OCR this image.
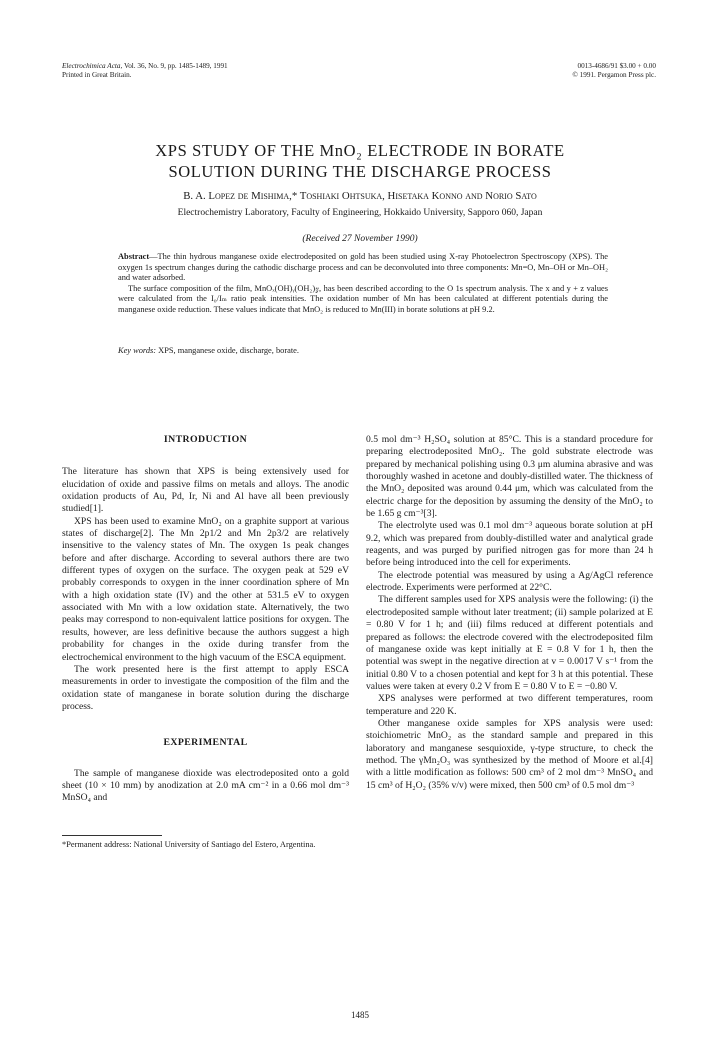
Electrochimica Acta, Vol. 36, No. 9, pp. 1485-1489, 1991
Printed in Great Britain.
0013-4686/91 $3.00 + 0.00
© 1991. Pergamon Press plc.
XPS STUDY OF THE MnO₂ ELECTRODE IN BORATE
SOLUTION DURING THE DISCHARGE PROCESS
B. A. Lopez de Mishima,* Toshiaki Ohtsuka, Hisetaka Konno and Norio Sato
Electrochemistry Laboratory, Faculty of Engineering, Hokkaido University, Sapporo 060, Japan
(Received 27 November 1990)
Abstract—The thin hydrous manganese oxide electrodeposited on gold has been studied using X-ray Photoelectron Spectroscopy (XPS). The oxygen 1s spectrum changes during the cathodic discharge process and can be deconvoluted into three components: Mn=O, Mn–OH or Mn–OH₂ and water adsorbed.
The surface composition of the film, MnOₓ(OH)ᵧ(OH₂)𝓏, has been described according to the O 1s spectrum analysis. The x and y + z values were calculated from the I₀/Iₘ ratio peak intensities. The oxidation number of Mn has been calculated at different potentials during the manganese oxide reduction. These values indicate that MnO₂ is reduced to Mn(III) in borate solutions at pH 9.2.
Key words: XPS, manganese oxide, discharge, borate.
INTRODUCTION

The literature has shown that XPS is being extensively used for elucidation of oxide and passive films on metals and alloys. The anodic oxidation products of Au, Pd, Ir, Ni and Al have all been previously studied[1].

XPS has been used to examine MnO₂ on a graphite support at various states of discharge[2]. The Mn 2p1/2 and Mn 2p3/2 are relatively insensitive to the valency states of Mn. The oxygen 1s peak changes before and after discharge. According to several authors there are two different types of oxygen on the surface. The oxygen peak at 529 eV probably corresponds to oxygen in the inner coordination sphere of Mn with a high oxidation state (IV) and the other at 531.5 eV to oxygen associated with Mn with a low oxidation state. Alternatively, the two peaks may correspond to non-equivalent lattice positions for oxygen. The results, however, are less definitive because the authors suggest a high probability for changes in the oxide during transfer from the electrochemical environment to the high vacuum of the ESCA equipment.

The work presented here is the first attempt to apply ESCA measurements in order to investigate the composition of the film and the oxidation state of manganese in borate solution during the discharge process.

EXPERIMENTAL

The sample of manganese dioxide was electrodeposited onto a gold sheet (10 × 10 mm) by anodization at 2.0 mA cm⁻² in a 0.66 mol dm⁻³ MnSO₄ and

*Permanent address: National University of Santiago del Estero, Argentina.

0.5 mol dm⁻³ H₂SO₄ solution at 85°C. This is a standard procedure for preparing electrodeposited MnO₂. The gold substrate electrode was prepared by mechanical polishing using 0.3 μm alumina abrasive and was thoroughly washed in acetone and doubly-distilled water. The thickness of the MnO₂ deposited was around 0.44 μm, which was calculated from the electric charge for the deposition by assuming the density of the MnO₂ to be 1.65 g cm⁻³[3].

The electrolyte used was 0.1 mol dm⁻³ aqueous borate solution at pH 9.2, which was prepared from doubly-distilled water and analytical grade reagents, and was purged by purified nitrogen gas for more than 24 h before being introduced into the cell for experiments.

The electrode potential was measured by using a Ag/AgCl reference electrode. Experiments were performed at 22°C.

The different samples used for XPS analysis were the following: (i) the electrodeposited sample without later treatment; (ii) sample polarized at E = 0.80 V for 1 h; and (iii) films reduced at different potentials and prepared as follows: the electrode covered with the electrodeposited film of manganese oxide was kept initially at E = 0.8 V for 1 h, then the potential was swept in the negative direction at v = 0.0017 V s⁻¹ from the initial 0.80 V to a chosen potential and kept for 3 h at this potential. These values were taken at every 0.2 V from E = 0.80 V to E = −0.80 V.

XPS analyses were performed at two different temperatures, room temperature and 220 K.

Other manganese oxide samples for XPS analysis were used: stoichiometric MnO₂ as the standard sample and prepared in this laboratory and manganese sesquioxide, γ-type structure, to check the method. The γMn₂O₃ was synthesized by the method of Moore et al.[4] with a little modification as follows: 500 cm³ of 2 mol dm⁻³ MnSO₄ and 15 cm³ of H₂O₂ (35% v/v) were mixed, then 500 cm³ of 0.5 mol dm⁻³

1485
